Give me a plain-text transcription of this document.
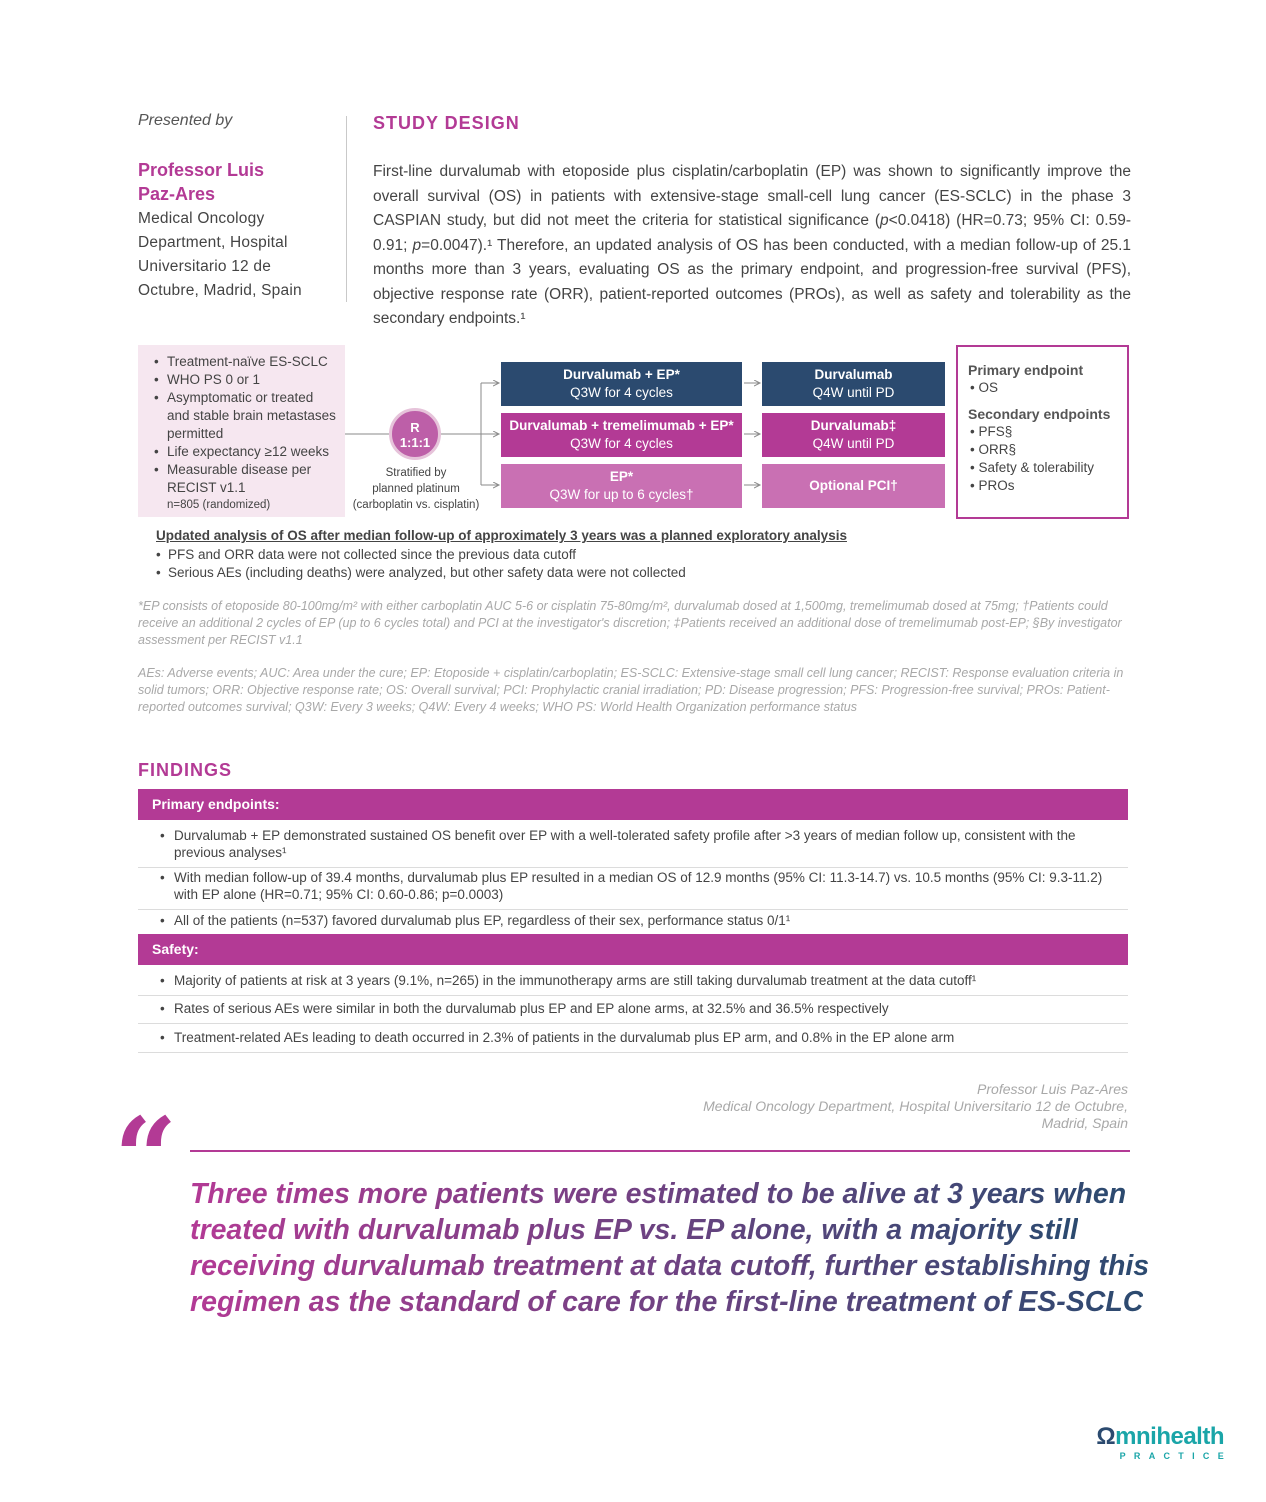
Presented by
Professor Luis
Paz-Ares
Medical Oncology
Department, Hospital
Universitario 12 de
Octubre, Madrid, Spain
STUDY DESIGN
First-line durvalumab with etoposide plus cisplatin/carboplatin (EP) was shown to significantly improve the overall survival (OS) in patients with extensive-stage small-cell lung cancer (ES-SCLC) in the phase 3 CASPIAN study, but did not meet the criteria for statistical significance (p<0.0418) (HR=0.73; 95% CI: 0.59-0.91; p=0.0047).¹ Therefore, an updated analysis of OS has been conducted, with a median follow-up of 25.1 months more than 3 years, evaluating OS as the primary endpoint, and progression-free survival (PFS), objective response rate (ORR), patient-reported outcomes (PROs), as well as safety and tolerability as the secondary endpoints.¹
• Treatment-naïve ES-SCLC
• WHO PS 0 or 1
• Asymptomatic or treated and stable brain metastases permitted
• Life expectancy ≥12 weeks
• Measurable disease per RECIST v1.1
n=805 (randomized)
R
1:1:1
Stratified by
planned platinum
(carboplatin vs. cisplatin)
Durvalumab + EP*
Q3W for 4 cycles
Durvalumab + tremelimumab + EP*
Q3W for 4 cycles
EP*
Q3W for up to 6 cycles†
Durvalumab
Q4W until PD
Durvalumab‡
Q4W until PD
Optional PCI†
Primary endpoint
• OS
Secondary endpoints
• PFS§
• ORR§
• Safety & tolerability
• PROs
Updated analysis of OS after median follow-up of approximately 3 years was a planned exploratory analysis
• PFS and ORR data were not collected since the previous data cutoff
• Serious AEs (including deaths) were analyzed, but other safety data were not collected
*EP consists of etoposide 80-100mg/m² with either carboplatin AUC 5-6 or cisplatin 75-80mg/m², durvalumab dosed at 1,500mg, tremelimumab dosed at 75mg; †Patients could receive an additional 2 cycles of EP (up to 6 cycles total) and PCI at the investigator's discretion; ‡Patients received an additional dose of tremelimumab post-EP; §By investigator assessment per RECIST v1.1
AEs: Adverse events; AUC: Area under the cure; EP: Etoposide + cisplatin/carboplatin; ES-SCLC: Extensive-stage small cell lung cancer; RECIST: Response evaluation criteria in solid tumors; ORR: Objective response rate; OS: Overall survival; PCI: Prophylactic cranial irradiation; PD: Disease progression; PFS: Progression-free survival; PROs: Patient-reported outcomes survival; Q3W: Every 3 weeks; Q4W: Every 4 weeks; WHO PS: World Health Organization performance status
FINDINGS
Primary endpoints:
• Durvalumab + EP demonstrated sustained OS benefit over EP with a well-tolerated safety profile after >3 years of median follow up, consistent with the previous analyses¹
• With median follow-up of 39.4 months, durvalumab plus EP resulted in a median OS of 12.9 months (95% CI: 11.3-14.7) vs. 10.5 months (95% CI: 9.3-11.2) with EP alone (HR=0.71; 95% CI: 0.60-0.86; p=0.0003)
• All of the patients (n=537) favored durvalumab plus EP, regardless of their sex, performance status 0/1¹
Safety:
• Majority of patients at risk at 3 years (9.1%, n=265) in the immunotherapy arms are still taking durvalumab treatment at the data cutoff¹
• Rates of serious AEs were similar in both the durvalumab plus EP and EP alone arms, at 32.5% and 36.5% respectively
• Treatment-related AEs leading to death occurred in 2.3% of patients in the durvalumab plus EP arm, and 0.8% in the EP alone arm
Professor Luis Paz-Ares
Medical Oncology Department, Hospital Universitario 12 de Octubre,
Madrid, Spain
“ Three times more patients were estimated to be alive at 3 years when treated with durvalumab plus EP vs. EP alone, with a majority still receiving durvalumab treatment at data cutoff, further establishing this regimen as the standard of care for the first-line treatment of ES-SCLC
Ωmnihealth
PRACTICE
